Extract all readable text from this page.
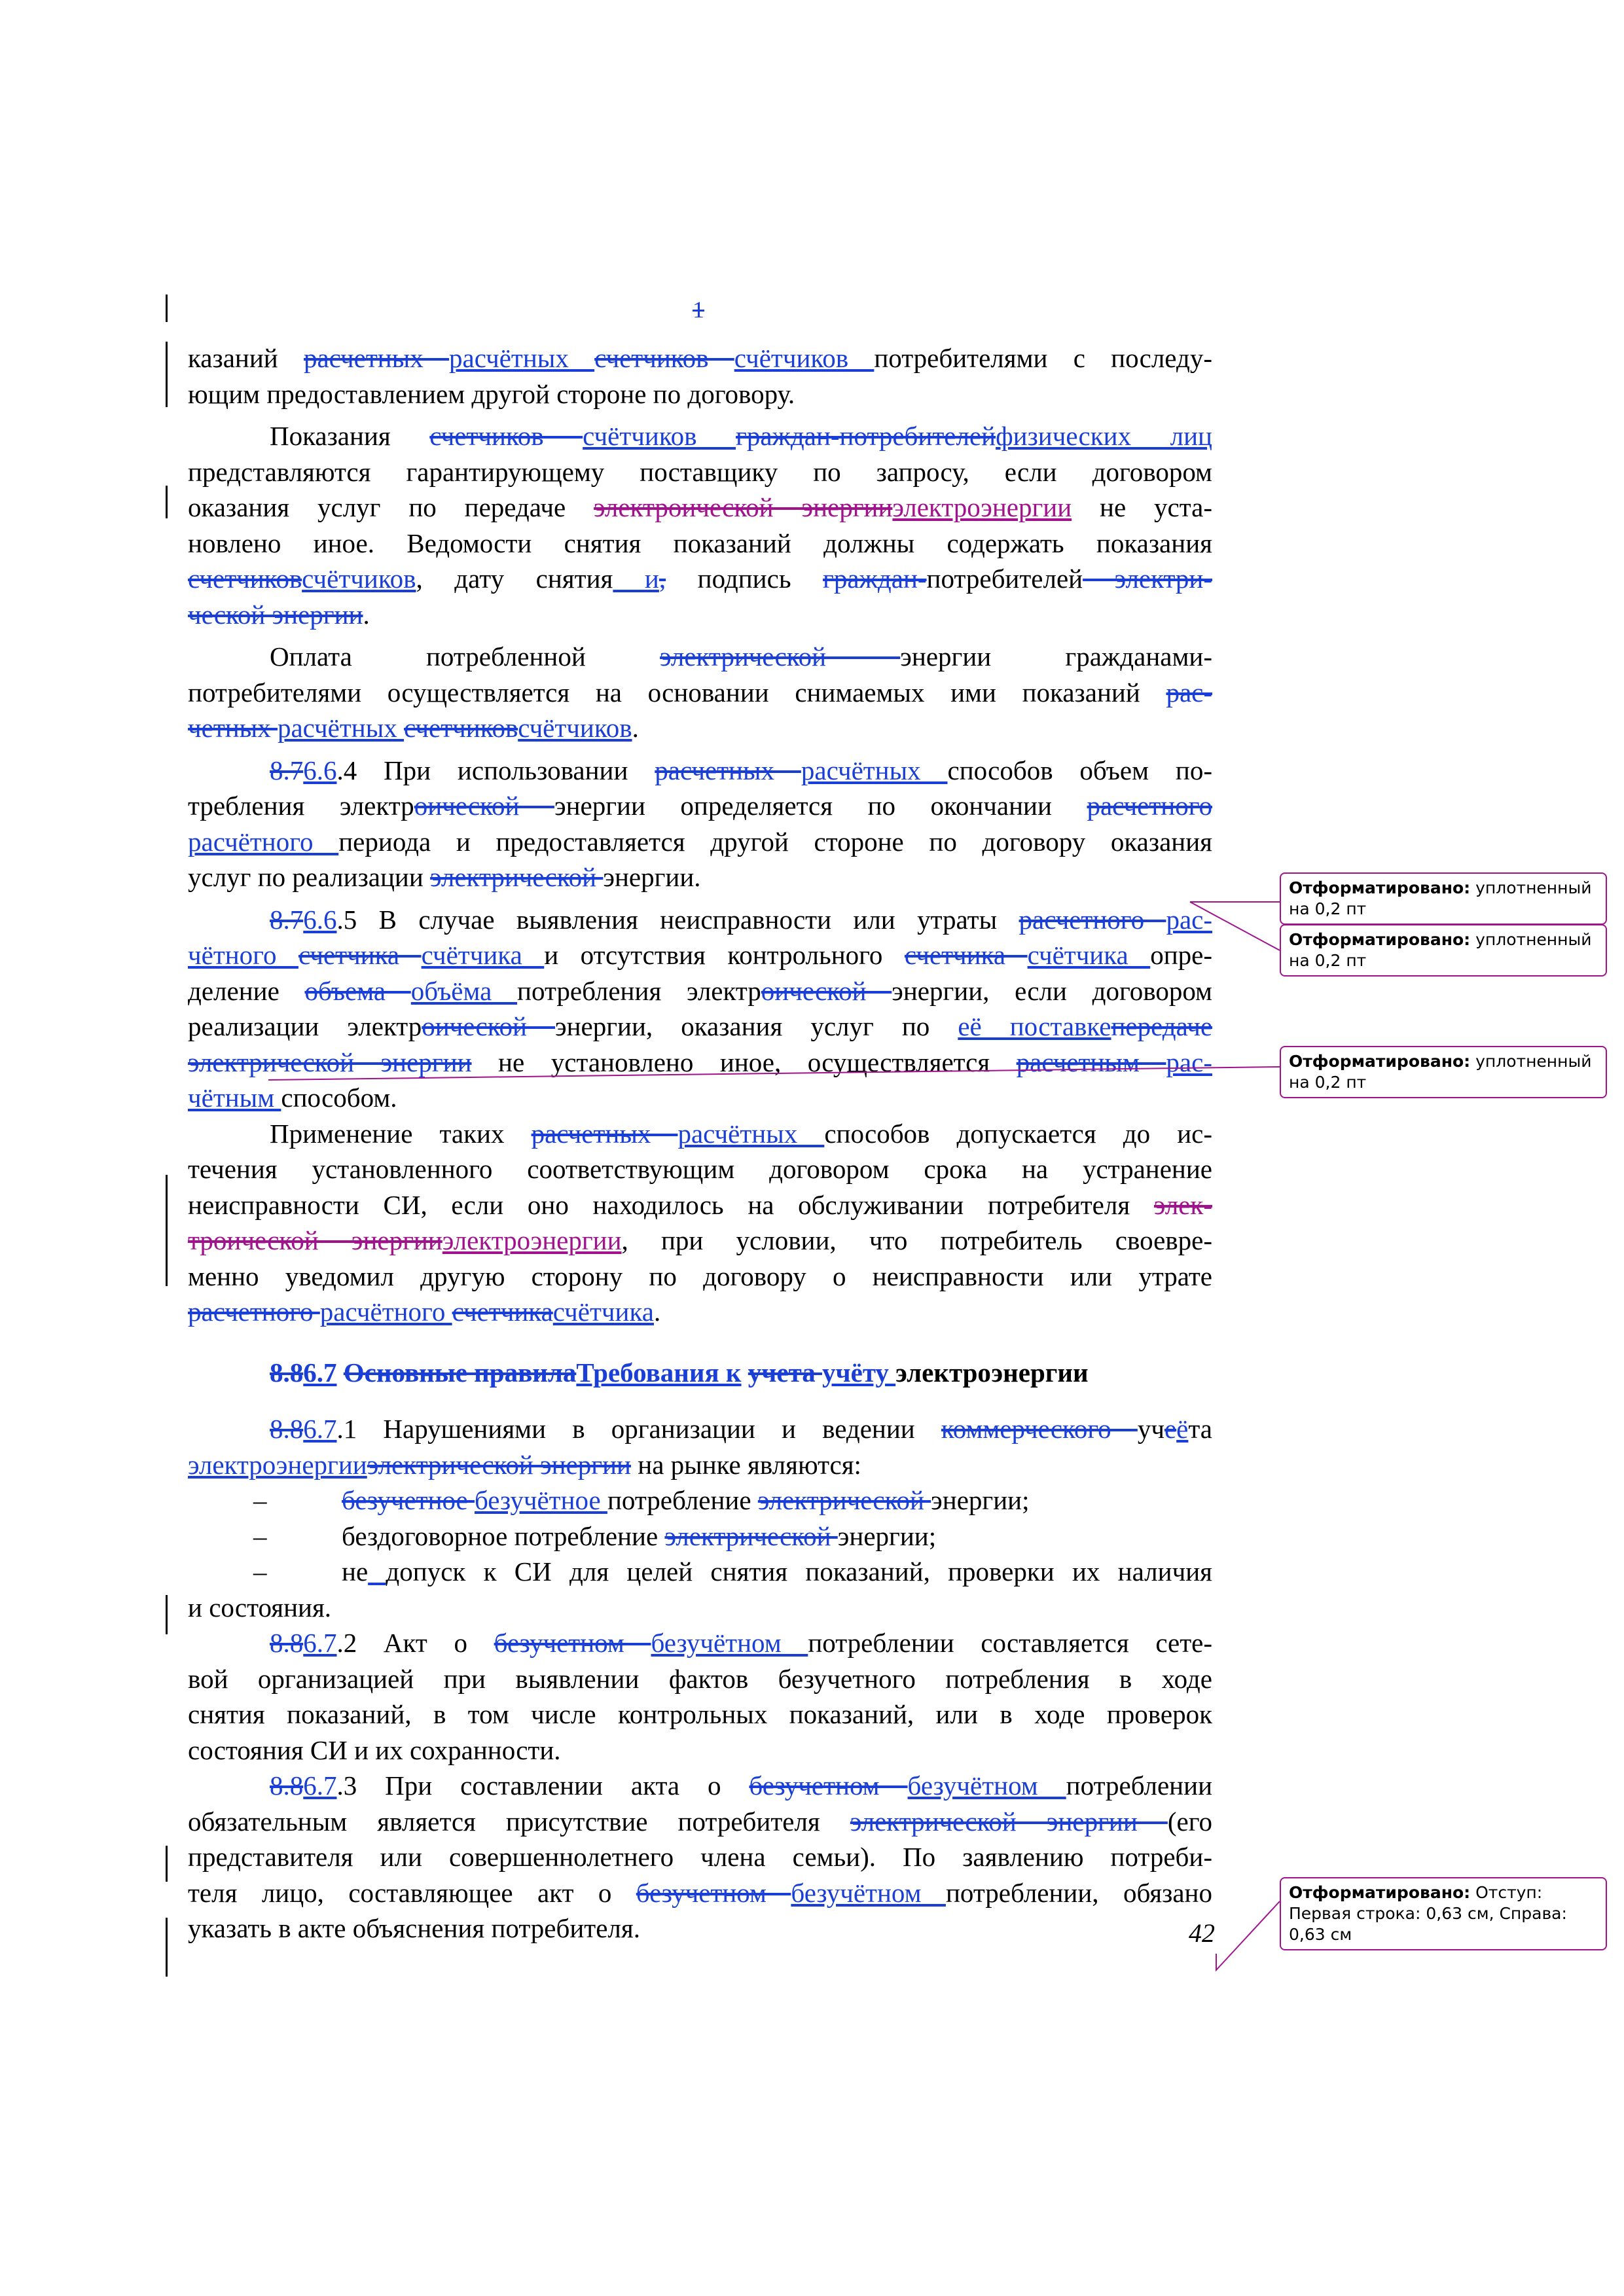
1
казаний расчетных расчётных счетчиков счётчиков потребителями с последу-
ющим предоставлением другой стороне по договору.
Показания счетчиков счётчиков граждан-потребителейфизических лиц
представляются гарантирующему поставщику по запросу, если договором
оказания услуг по передаче электроической энергииэлектроэнергии не уста-
новлено иное. Ведомости снятия показаний должны содержать показания
счетчиковсчётчиков, дату снятия и, подпись граждан-потребителей электри-
ческой энергии.
Оплата	потребленной	электрической энергии	гражданами-
потребителями осуществляется на основании снимаемых ими показаний рас-
четных расчётных счетчиковсчётчиков.
8.76.6.4 При использовании расчетных расчётных способов объем по-
требления электроической энергии определяется по окончании расчетного
расчётного периода и предоставляется другой стороне по договору оказания
услуг по реализации электрической энергии.
8.76.6.5 В случае выявления неисправности или утраты расчетного рас-
чётного счетчика счётчика и отсутствия контрольного счетчика счётчика опре-
деление объема объёма потребления электроической энергии, если договором
реализации электроической энергии, оказания услуг по её поставкепередаче
электрической энергии не установлено иное, осуществляется расчетным рас-
чётным способом.
Применение таких расчетных расчётных способов допускается до ис-
течения установленного соответствующим договором срока на устранение
неисправности СИ, если оно находилось на обслуживании потребителя элек-
троической энергииэлектроэнергии, при условии, что потребитель своевре-
менно уведомил другую сторону по договору о неисправности или утрате
расчетного расчётного счетчикасчётчика.
8.86.7 Основные правилаТребования к учета учёту электроэнергии
8.86.7.1 Нарушениями в организации и ведении коммерческого учеёта
электроэнергииэлектрической энергии на рынке являются:
–	безучетное безучётное потребление электрической энергии;
–	бездоговорное потребление электрической энергии;
–	не допуск к СИ для целей снятия показаний, проверки их наличия
и состояния.
8.86.7.2 Акт о безучетном безучётном потреблении составляется сете-
вой организацией при выявлении фактов безучетного потребления в ходе
снятия показаний, в том числе контрольных показаний, или в ходе проверок
состояния СИ и их сохранности.
8.86.7.3 При составлении акта о безучетном безучётном потреблении
обязательным является присутствие потребителя электрической энергии (его
представителя или совершеннолетнего члена семьи). По заявлению потреби-
теля лицо, составляющее акт о безучетном безучётном потреблении, обязано
указать в акте объяснения потребителя.	42
Отформатировано: уплотненный на 0,2 пт
Отформатировано: уплотненный на 0,2 пт
Отформатировано: уплотненный на 0,2 пт
Отформатировано: Отступ: Первая строка: 0,63 см, Справа: 0,63 см
